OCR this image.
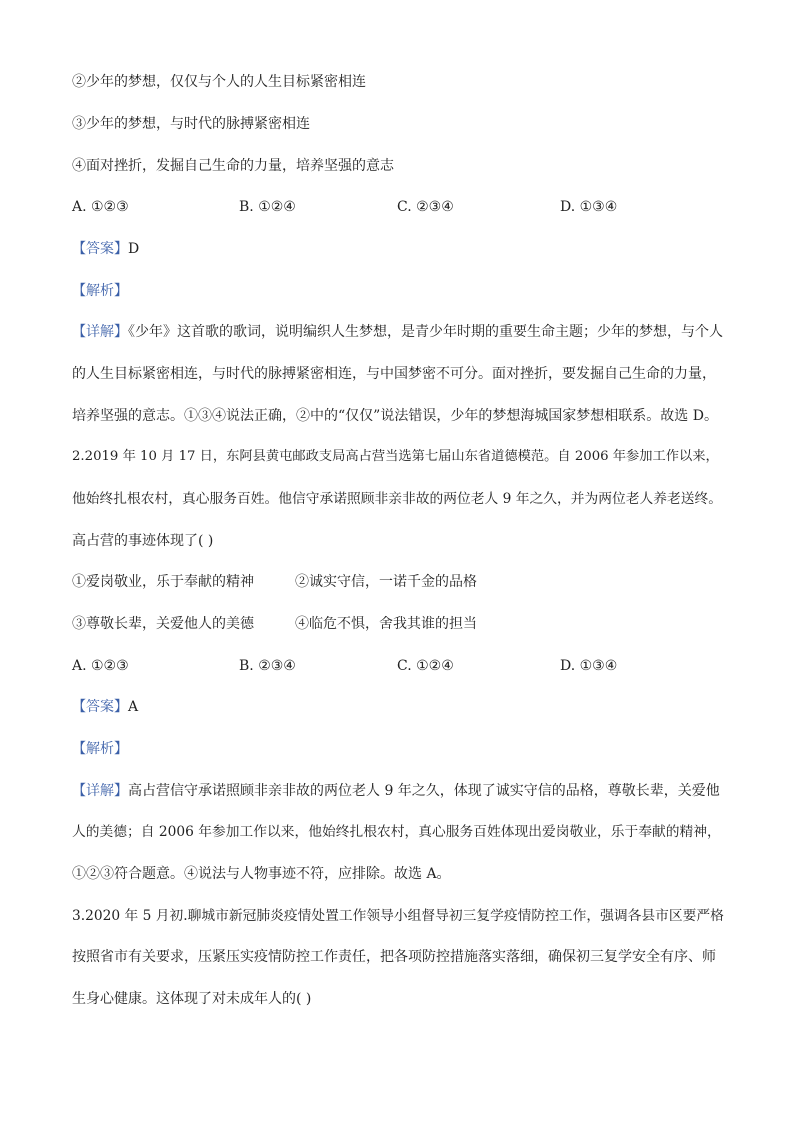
②少年的梦想，仅仅与个人的人生目标紧密相连
③少年的梦想，与时代的脉搏紧密相连
④面对挫折，发掘自己生命的力量，培养坚强的意志
A. ①②③	B. ①②④	C. ②③④	D. ①③④
【答案】D
【解析】
【详解】《少年》这首歌的歌词，说明编织人生梦想，是青少年时期的重要生命主题；少年的梦想，与个人
的人生目标紧密相连，与时代的脉搏紧密相连，与中国梦密不可分。面对挫折，要发掘自己生命的力量，
培养坚强的意志。①③④说法正确，②中的“仅仅”说法错误，少年的梦想海城国家梦想相联系。故选 D。
2.2019 年 10 月 17 日，东阿县黄屯邮政支局高占营当选第七届山东省道德模范。自 2006 年参加工作以来，
他始终扎根农村，真心服务百姓。他信守承诺照顾非亲非故的两位老人 9 年之久，并为两位老人养老送终。
高占营的事迹体现了( )
①爱岗敬业，乐于奉献的精神	②诚实守信，一诺千金的品格
③尊敬长辈，关爱他人的美德	④临危不惧，舍我其谁的担当
A. ①②③	B. ②③④	C. ①②④	D. ①③④
【答案】A
【解析】
【详解】高占营信守承诺照顾非亲非故的两位老人 9 年之久，体现了诚实守信的品格，尊敬长辈，关爱他
人的美德；自 2006 年参加工作以来，他始终扎根农村，真心服务百姓体现出爱岗敬业，乐于奉献的精神，
①②③符合题意。④说法与人物事迹不符，应排除。故选 A。
3.2020 年 5 月初.聊城市新冠肺炎疫情处置工作领导小组督导初三复学疫情防控工作，强调各县市区要严格
按照省市有关要求，压紧压实疫情防控工作责任，把各项防控措施落实落细，确保初三复学安全有序、师
生身心健康。这体现了对未成年人的( )
